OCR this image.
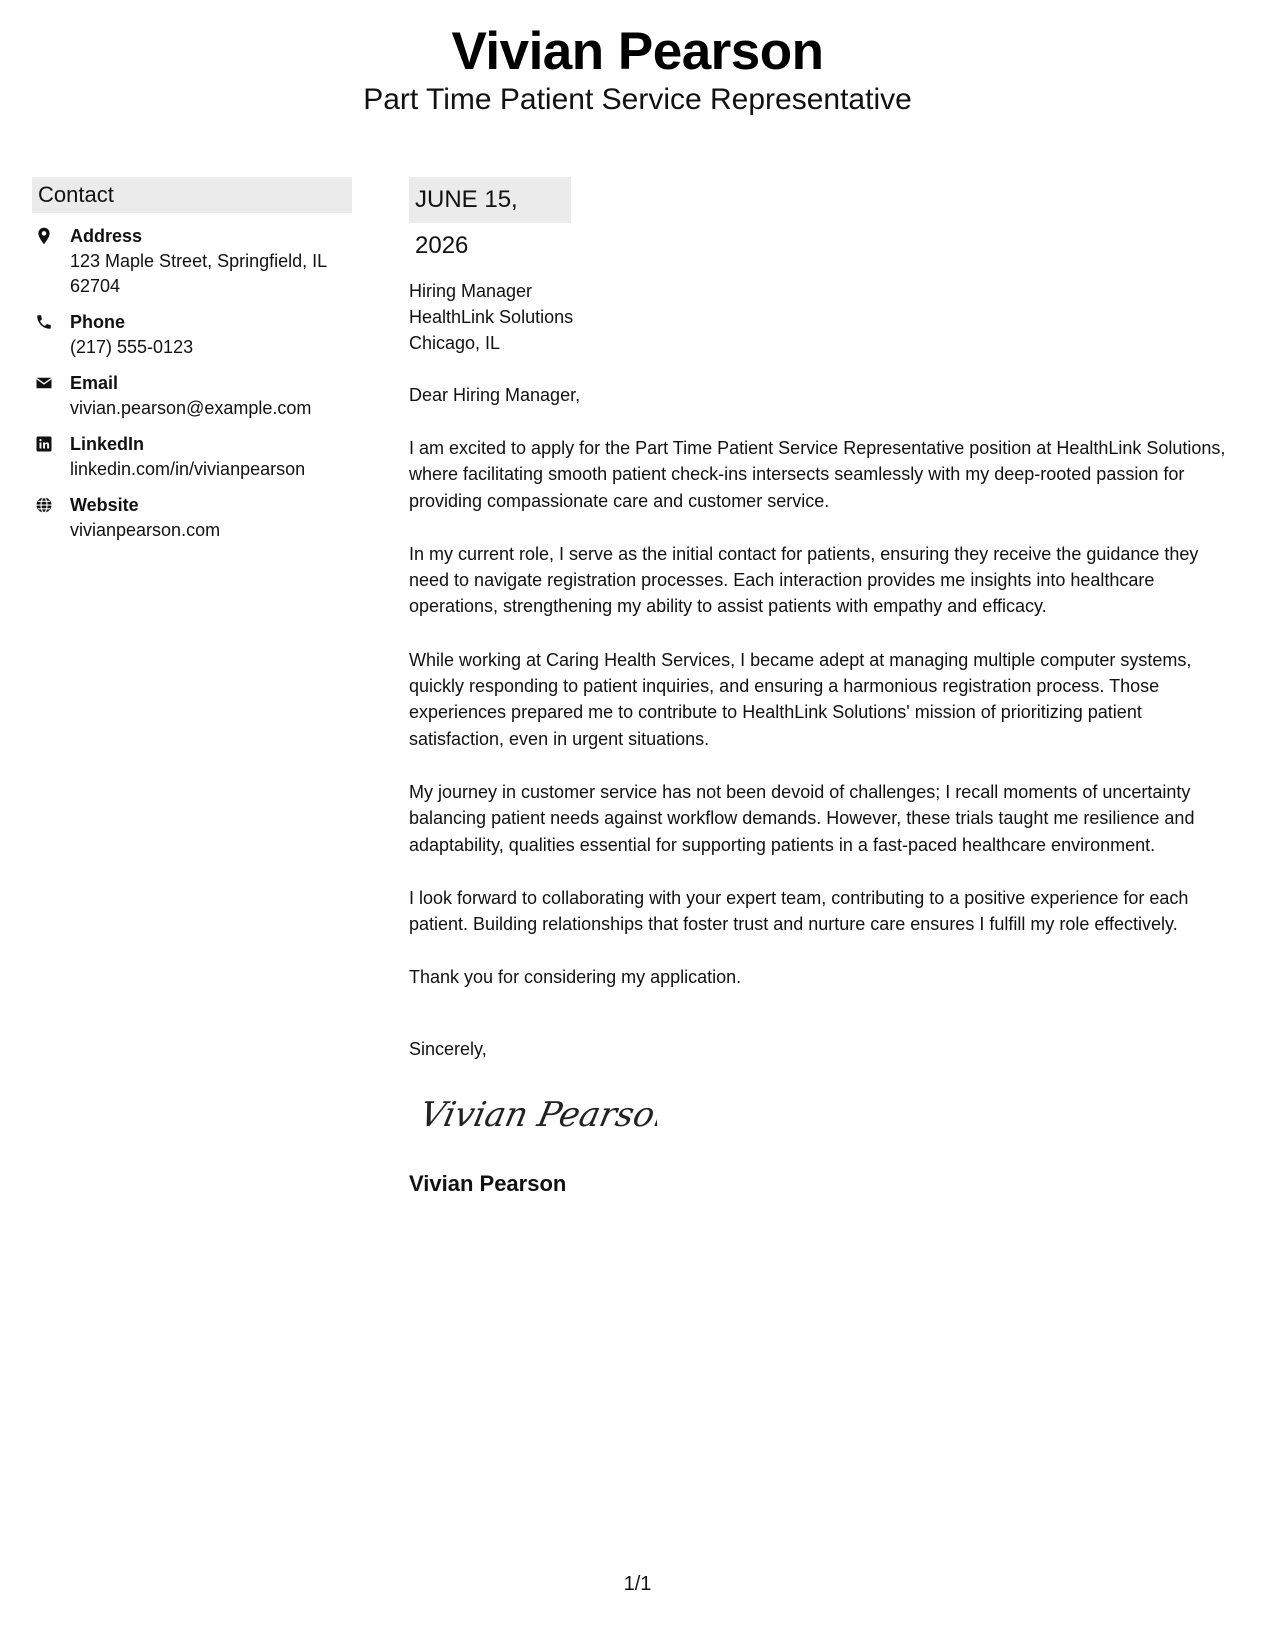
Vivian Pearson
Part Time Patient Service Representative
Contact
Address
123 Maple Street, Springfield, IL
62704
Phone
(217) 555-0123
Email
vivian.pearson@example.com
LinkedIn
linkedin.com/in/vivianpearson
Website
vivianpearson.com
JUNE 15, 2026
Hiring Manager
HealthLink Solutions
Chicago, IL
Dear Hiring Manager,
I am excited to apply for the Part Time Patient Service Representative position at HealthLink Solutions, where facilitating smooth patient check-ins intersects seamlessly with my deep-rooted passion for providing compassionate care and customer service.
In my current role, I serve as the initial contact for patients, ensuring they receive the guidance they need to navigate registration processes. Each interaction provides me insights into healthcare operations, strengthening my ability to assist patients with empathy and efficacy.
While working at Caring Health Services, I became adept at managing multiple computer systems, quickly responding to patient inquiries, and ensuring a harmonious registration process. Those experiences prepared me to contribute to HealthLink Solutions' mission of prioritizing patient satisfaction, even in urgent situations.
My journey in customer service has not been devoid of challenges; I recall moments of uncertainty balancing patient needs against workflow demands. However, these trials taught me resilience and adaptability, qualities essential for supporting patients in a fast-paced healthcare environment.
I look forward to collaborating with your expert team, contributing to a positive experience for each patient. Building relationships that foster trust and nurture care ensures I fulfill my role effectively.
Thank you for considering my application.
Sincerely,
Vivian Pearson
Vivian Pearson
1/1
